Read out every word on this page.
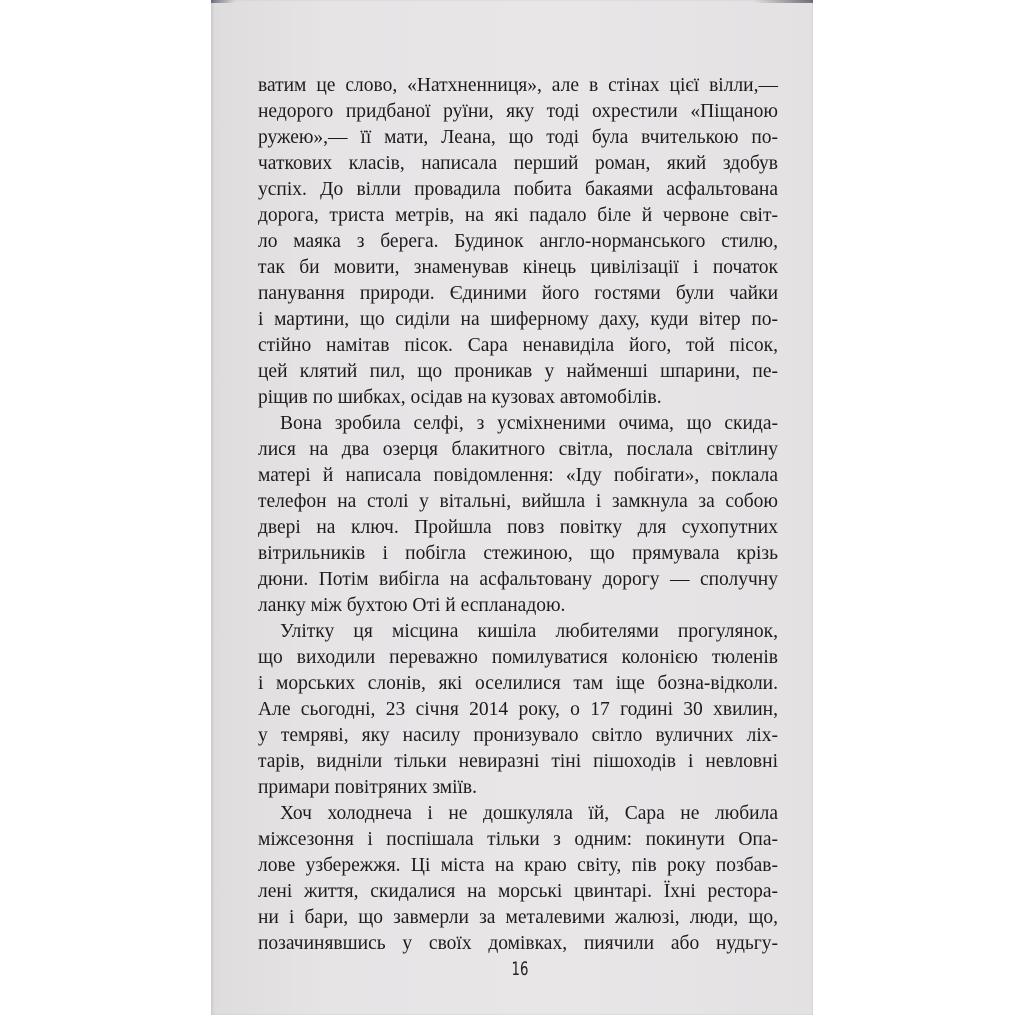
ватим це слово, «Натхненниця», але в стінах цієї вілли,—
недорого придбаної руїни, яку тоді охрестили «Піщаною
ружею»,— її мати, Леана, що тоді була вчителькою по-
чаткових класів, написала перший роман, який здобув
успіх. До вілли провадила побита бакаями асфальтована
дорога, триста метрів, на які падало біле й червоне світ-
ло маяка з берега. Будинок англо-норманського стилю,
так би мовити, знаменував кінець цивілізації і початок
панування природи. Єдиними його гостями були чайки
і мартини, що сиділи на шиферному даху, куди вітер по-
стійно намітав пісок. Сара ненавиділа його, той пісок,
цей клятий пил, що проникав у найменші шпарини, пе-
ріщив по шибках, осідав на кузовах автомобілів.
Вона зробила селфі, з усміхненими очима, що скида-
лися на два озерця блакитного світла, послала світлину
матері й написала повідомлення: «Іду побігати», поклала
телефон на столі у вітальні, вийшла і замкнула за собою
двері на ключ. Пройшла повз повітку для сухопутних
вітрильників і побігла стежиною, що прямувала крізь
дюни. Потім вибігла на асфальтовану дорогу — сполучну
ланку між бухтою Оті й еспланадою.
Улітку ця місцина кишіла любителями прогулянок,
що виходили переважно помилуватися колонією тюленів
і морських слонів, які оселилися там іще бозна-відколи.
Але сьогодні, 23 січня 2014 року, о 17 годині 30 хвилин,
у темряві, яку насилу пронизувало світло вуличних ліх-
тарів, видніли тільки невиразні тіні пішоходів і невловні
примари повітряних зміїв.
Хоч холоднеча і не дошкуляла їй, Сара не любила
міжсезоння і поспішала тільки з одним: покинути Опа-
лове узбережжя. Ці міста на краю світу, пів року позбав-
лені життя, скидалися на морські цвинтарі. Їхні рестора-
ни і бари, що завмерли за металевими жалюзі, люди, що,
позачинявшись у своїх домівках, пиячили або нудьгу-
16
